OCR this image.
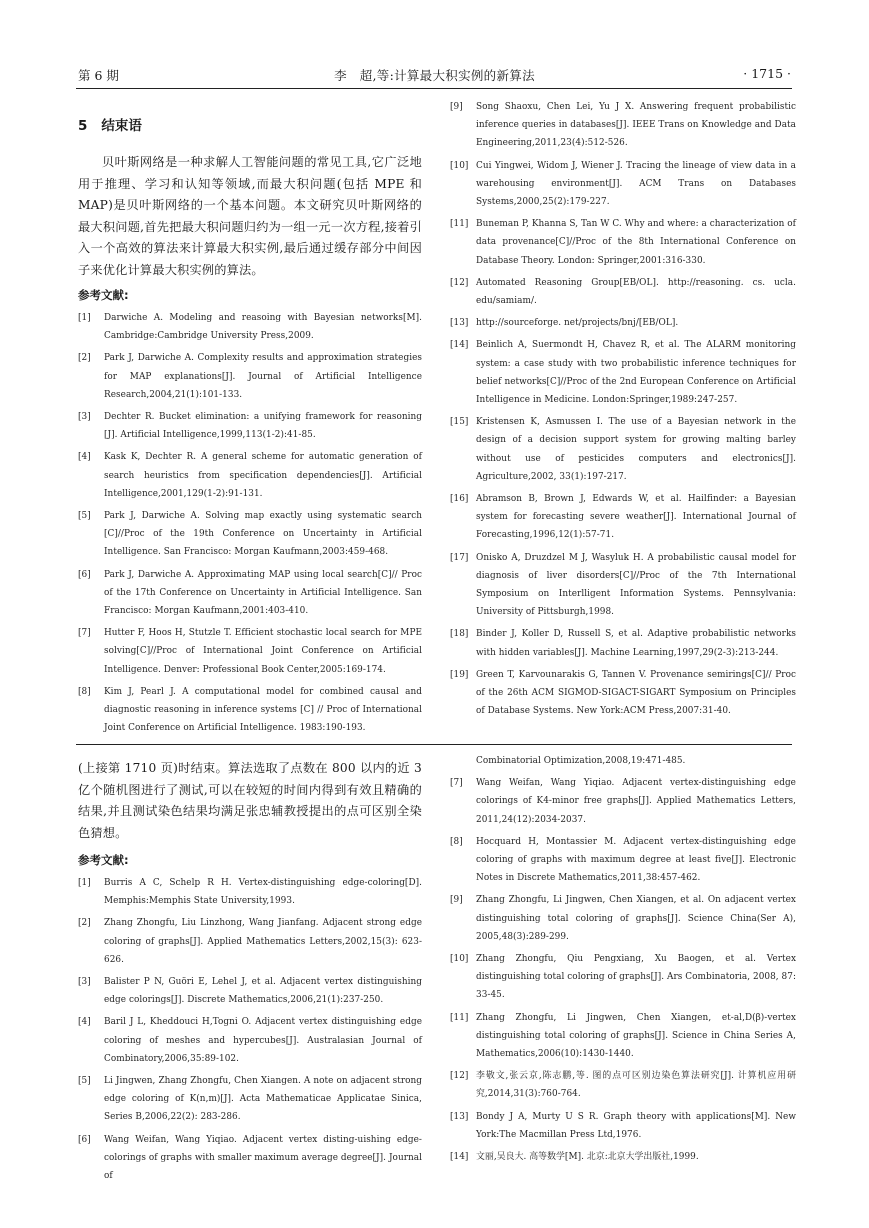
第 6 期	李　超,等:计算最大积实例的新算法	· 1715 ·
5 结束语

贝叶斯网络是一种求解人工智能问题的常见工具,它广泛地用于推理、学习和认知等领域,而最大积问题(包括 MPE 和 MAP)是贝叶斯网络的一个基本问题。本文研究贝叶斯网络的最大积问题,首先把最大积问题归约为一组一元一次方程,接着引入一个高效的算法来计算最大积实例,最后通过缓存部分中间因子来优化计算最大积实例的算法。

参考文献:
[1] Darwiche A. Modeling and reasoing with Bayesian networks[M]. Cambridge:Cambridge University Press,2009.
[2] Park J, Darwiche A. Complexity results and approximation strategies for MAP explanations[J]. Journal of Artificial Intelligence Research,2004,21(1):101-133.
[3] Dechter R. Bucket elimination: a unifying framework for reasoning [J]. Artificial Intelligence,1999,113(1-2):41-85.
[4] Kask K, Dechter R. A general scheme for automatic generation of search heuristics from specification dependencies[J]. Artificial Intelligence,2001,129(1-2):91-131.
[5] Park J, Darwiche A. Solving map exactly using systematic search [C]//Proc of the 19th Conference on Uncertainty in Artificial Intelligence. San Francisco: Morgan Kaufmann,2003:459-468.
[6] Park J, Darwiche A. Approximating MAP using local search[C]// Proc of the 17th Conference on Uncertainty in Artificial Intelligence. San Francisco: Morgan Kaufmann,2001:403-410.
[7] Hutter F, Hoos H, Stutzle T. Efficient stochastic local search for MPE solving[C]//Proc of International Joint Conference on Artificial Intelligence. Denver: Professional Book Center,2005:169-174.
[8] Kim J, Pearl J. A computational model for combined causal and diagnostic reasoning in inference systems [C] // Proc of International Joint Conference on Artificial Intelligence. 1983:190-193.
[9] Song Shaoxu, Chen Lei, Yu J X. Answering frequent probabilistic inference queries in databases[J]. IEEE Trans on Knowledge and Data Engineering,2011,23(4):512-526.
[10] Cui Yingwei, Widom J, Wiener J. Tracing the lineage of view data in a warehousing environment[J]. ACM Trans on Databases Systems,2000,25(2):179-227.
[11] Buneman P, Khanna S, Tan W C. Why and where: a characterization of data provenance[C]//Proc of the 8th International Conference on Database Theory. London: Springer,2001:316-330.
[12] Automated Reasoning Group[EB/OL]. http://reasoning. cs. ucla. edu/samiam/.
[13] http://sourceforge. net/projects/bnj/[EB/OL].
[14] Beinlich A, Suermondt H, Chavez R, et al. The ALARM monitoring system: a case study with two probabilistic inference techniques for belief networks[C]//Proc of the 2nd European Conference on Artificial Intelligence in Medicine. London:Springer,1989:247-257.
[15] Kristensen K, Asmussen I. The use of a Bayesian network in the design of a decision support system for growing malting barley without use of pesticides computers and electronics[J]. Agriculture,2002, 33(1):197-217.
[16] Abramson B, Brown J, Edwards W, et al. Hailfinder: a Bayesian system for forecasting severe weather[J]. International Journal of Forecasting,1996,12(1):57-71.
[17] Onisko A, Druzdzel M J, Wasyluk H. A probabilistic causal model for diagnosis of liver disorders[C]//Proc of the 7th International Symposium on Interlligent Information Systems. Pennsylvania: University of Pittsburgh,1998.
[18] Binder J, Koller D, Russell S, et al. Adaptive probabilistic networks with hidden variables[J]. Machine Learning,1997,29(2-3):213-244.
[19] Green T, Karvounarakis G, Tannen V. Provenance semirings[C]// Proc of the 26th ACM SIGMOD-SIGACT-SIGART Symposium on Principles of Database Systems. New York:ACM Press,2007:31-40.

(上接第 1710 页)时结束。算法选取了点数在 800 以内的近 3 亿个随机图进行了测试,可以在较短的时间内得到有效且精确的结果,并且测试染色结果均满足张忠辅教授提出的点可区别全染色猜想。

参考文献:
[1] Burris A C, Schelp R H. Vertex-distinguishing edge-coloring[D]. Memphis:Memphis State University,1993.
[2] Zhang Zhongfu, Liu Linzhong, Wang Jianfang. Adjacent strong edge coloring of graphs[J]. Applied Mathematics Letters,2002,15(3): 623-626.
[3] Balister P N, Guöri E, Lehel J, et al. Adjacent vertex distinguishing edge colorings[J]. Discrete Mathematics,2006,21(1):237-250.
[4] Baril J L, Kheddouci H,Togni O. Adjacent vertex distinguishing edge coloring of meshes and hypercubes[J]. Australasian Journal of Combinatory,2006,35:89-102.
[5] Li Jingwen, Zhang Zhongfu, Chen Xiangen. A note on adjacent strong edge coloring of K(n,m)[J]. Acta Mathematicae Applicatae Sinica, Series B,2006,22(2): 283-286.
[6] Wang Weifan, Wang Yiqiao. Adjacent vertex disting-uishing edge-colorings of graphs with smaller maximum average degree[J]. Journal of
Combinatorial Optimization,2008,19:471-485.
[7] Wang Weifan, Wang Yiqiao. Adjacent vertex-distinguishing edge colorings of K4-minor free graphs[J]. Applied Mathematics Letters, 2011,24(12):2034-2037.
[8] Hocquard H, Montassier M. Adjacent vertex-distinguishing edge coloring of graphs with maximum degree at least five[J]. Electronic Notes in Discrete Mathematics,2011,38:457-462.
[9] Zhang Zhongfu, Li Jingwen, Chen Xiangen, et al. On adjacent vertex distinguishing total coloring of graphs[J]. Science China(Ser A), 2005,48(3):289-299.
[10] Zhang Zhongfu, Qiu Pengxiang, Xu Baogen, et al. Vertex distinguishing total coloring of graphs[J]. Ars Combinatoria, 2008, 87: 33-45.
[11] Zhang Zhongfu, Li Jingwen, Chen Xiangen, et-al,D(β)-vertex distinguishing total coloring of graphs[J]. Science in China Series A, Mathematics,2006(10):1430-1440.
[12] 李敬文,张云京,陈志鹏,等. 图的点可区别边染色算法研究[J]. 计算机应用研究,2014,31(3):760-764.
[13] Bondy J A, Murty U S R. Graph theory with applications[M]. New York:The Macmillan Press Ltd,1976.
[14] 文丽,吴良大. 高等数学[M]. 北京:北京大学出版社,1999.
